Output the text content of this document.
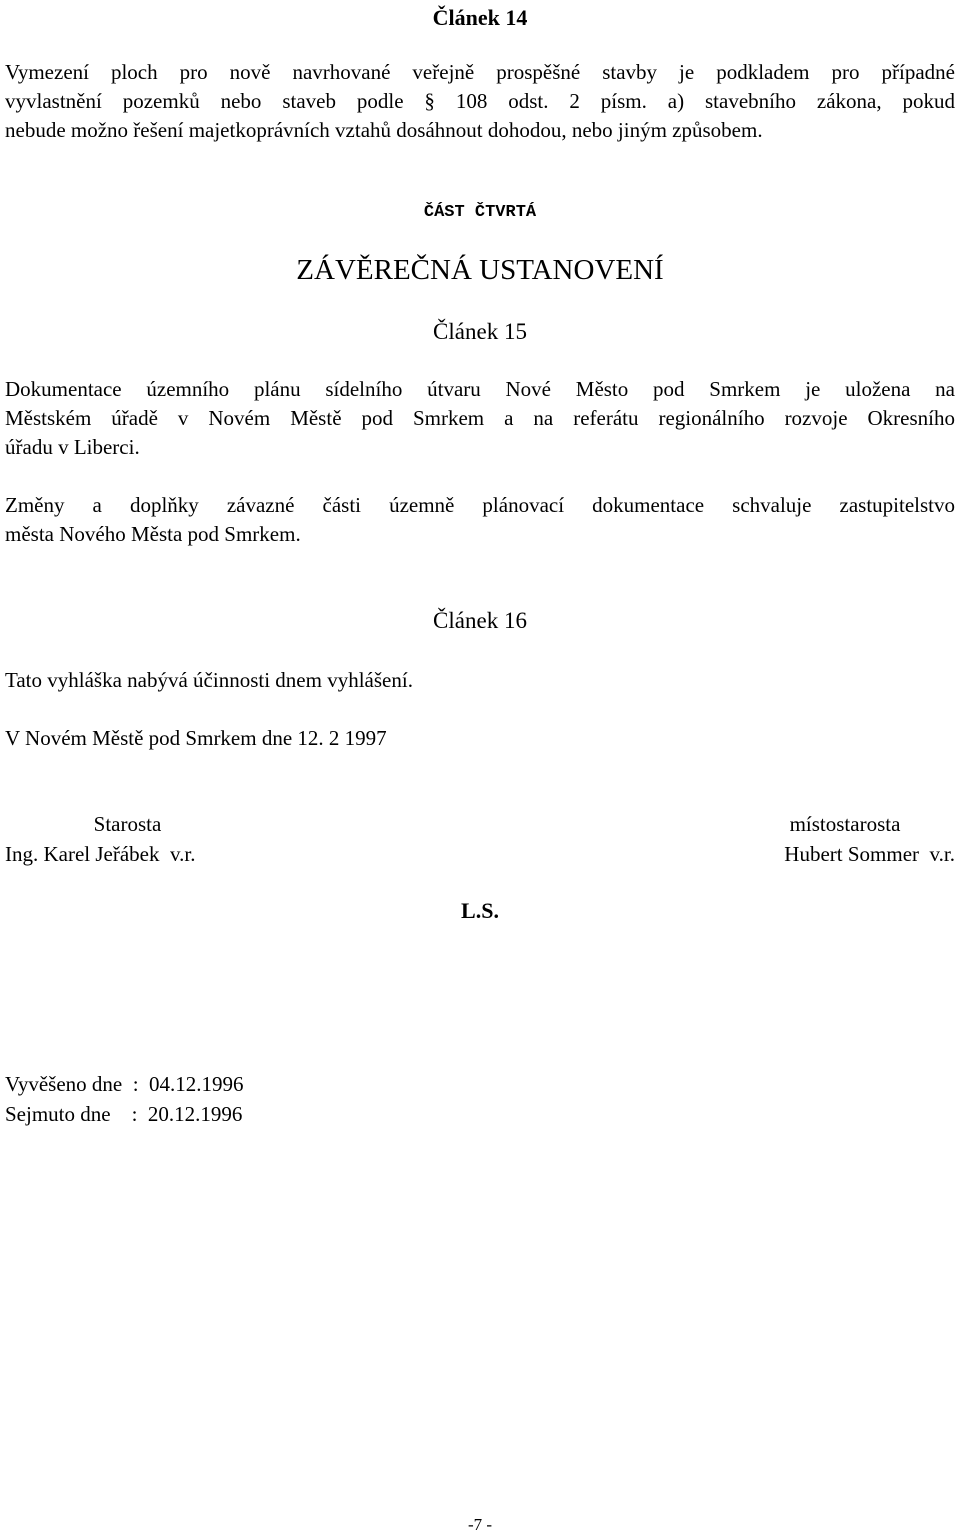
Článek 14
Vymezení ploch pro nově navrhované veřejně prospěšné stavby je podkladem pro případné
vyvlastnění pozemků nebo staveb podle § 108 odst. 2 písm. a) stavebního zákona, pokud
nebude možno řešení majetkoprávních vztahů dosáhnout dohodou, nebo jiným způsobem.
ČÁST ČTVRTÁ
ZÁVĚREČNÁ USTANOVENÍ
Článek 15
Dokumentace územního plánu sídelního útvaru Nové Město pod Smrkem je uložena na
Městském úřadě v Novém Městě pod Smrkem a na referátu regionálního rozvoje Okresního
úřadu v Liberci.
Změny a doplňky závazné části územně plánovací dokumentace schvaluje zastupitelstvo
města Nového Města pod Smrkem.
Článek 16
Tato vyhláška nabývá účinnosti dnem vyhlášení.
V Novém Městě pod Smrkem dne 12. 2 1997
Starosta
Ing. Karel Jeřábek  v.r.
místostarosta
Hubert Sommer  v.r.
L.S.
Vyvěšeno dne  :  04.12.1996
Sejmuto dne    :  20.12.1996
-7 -
